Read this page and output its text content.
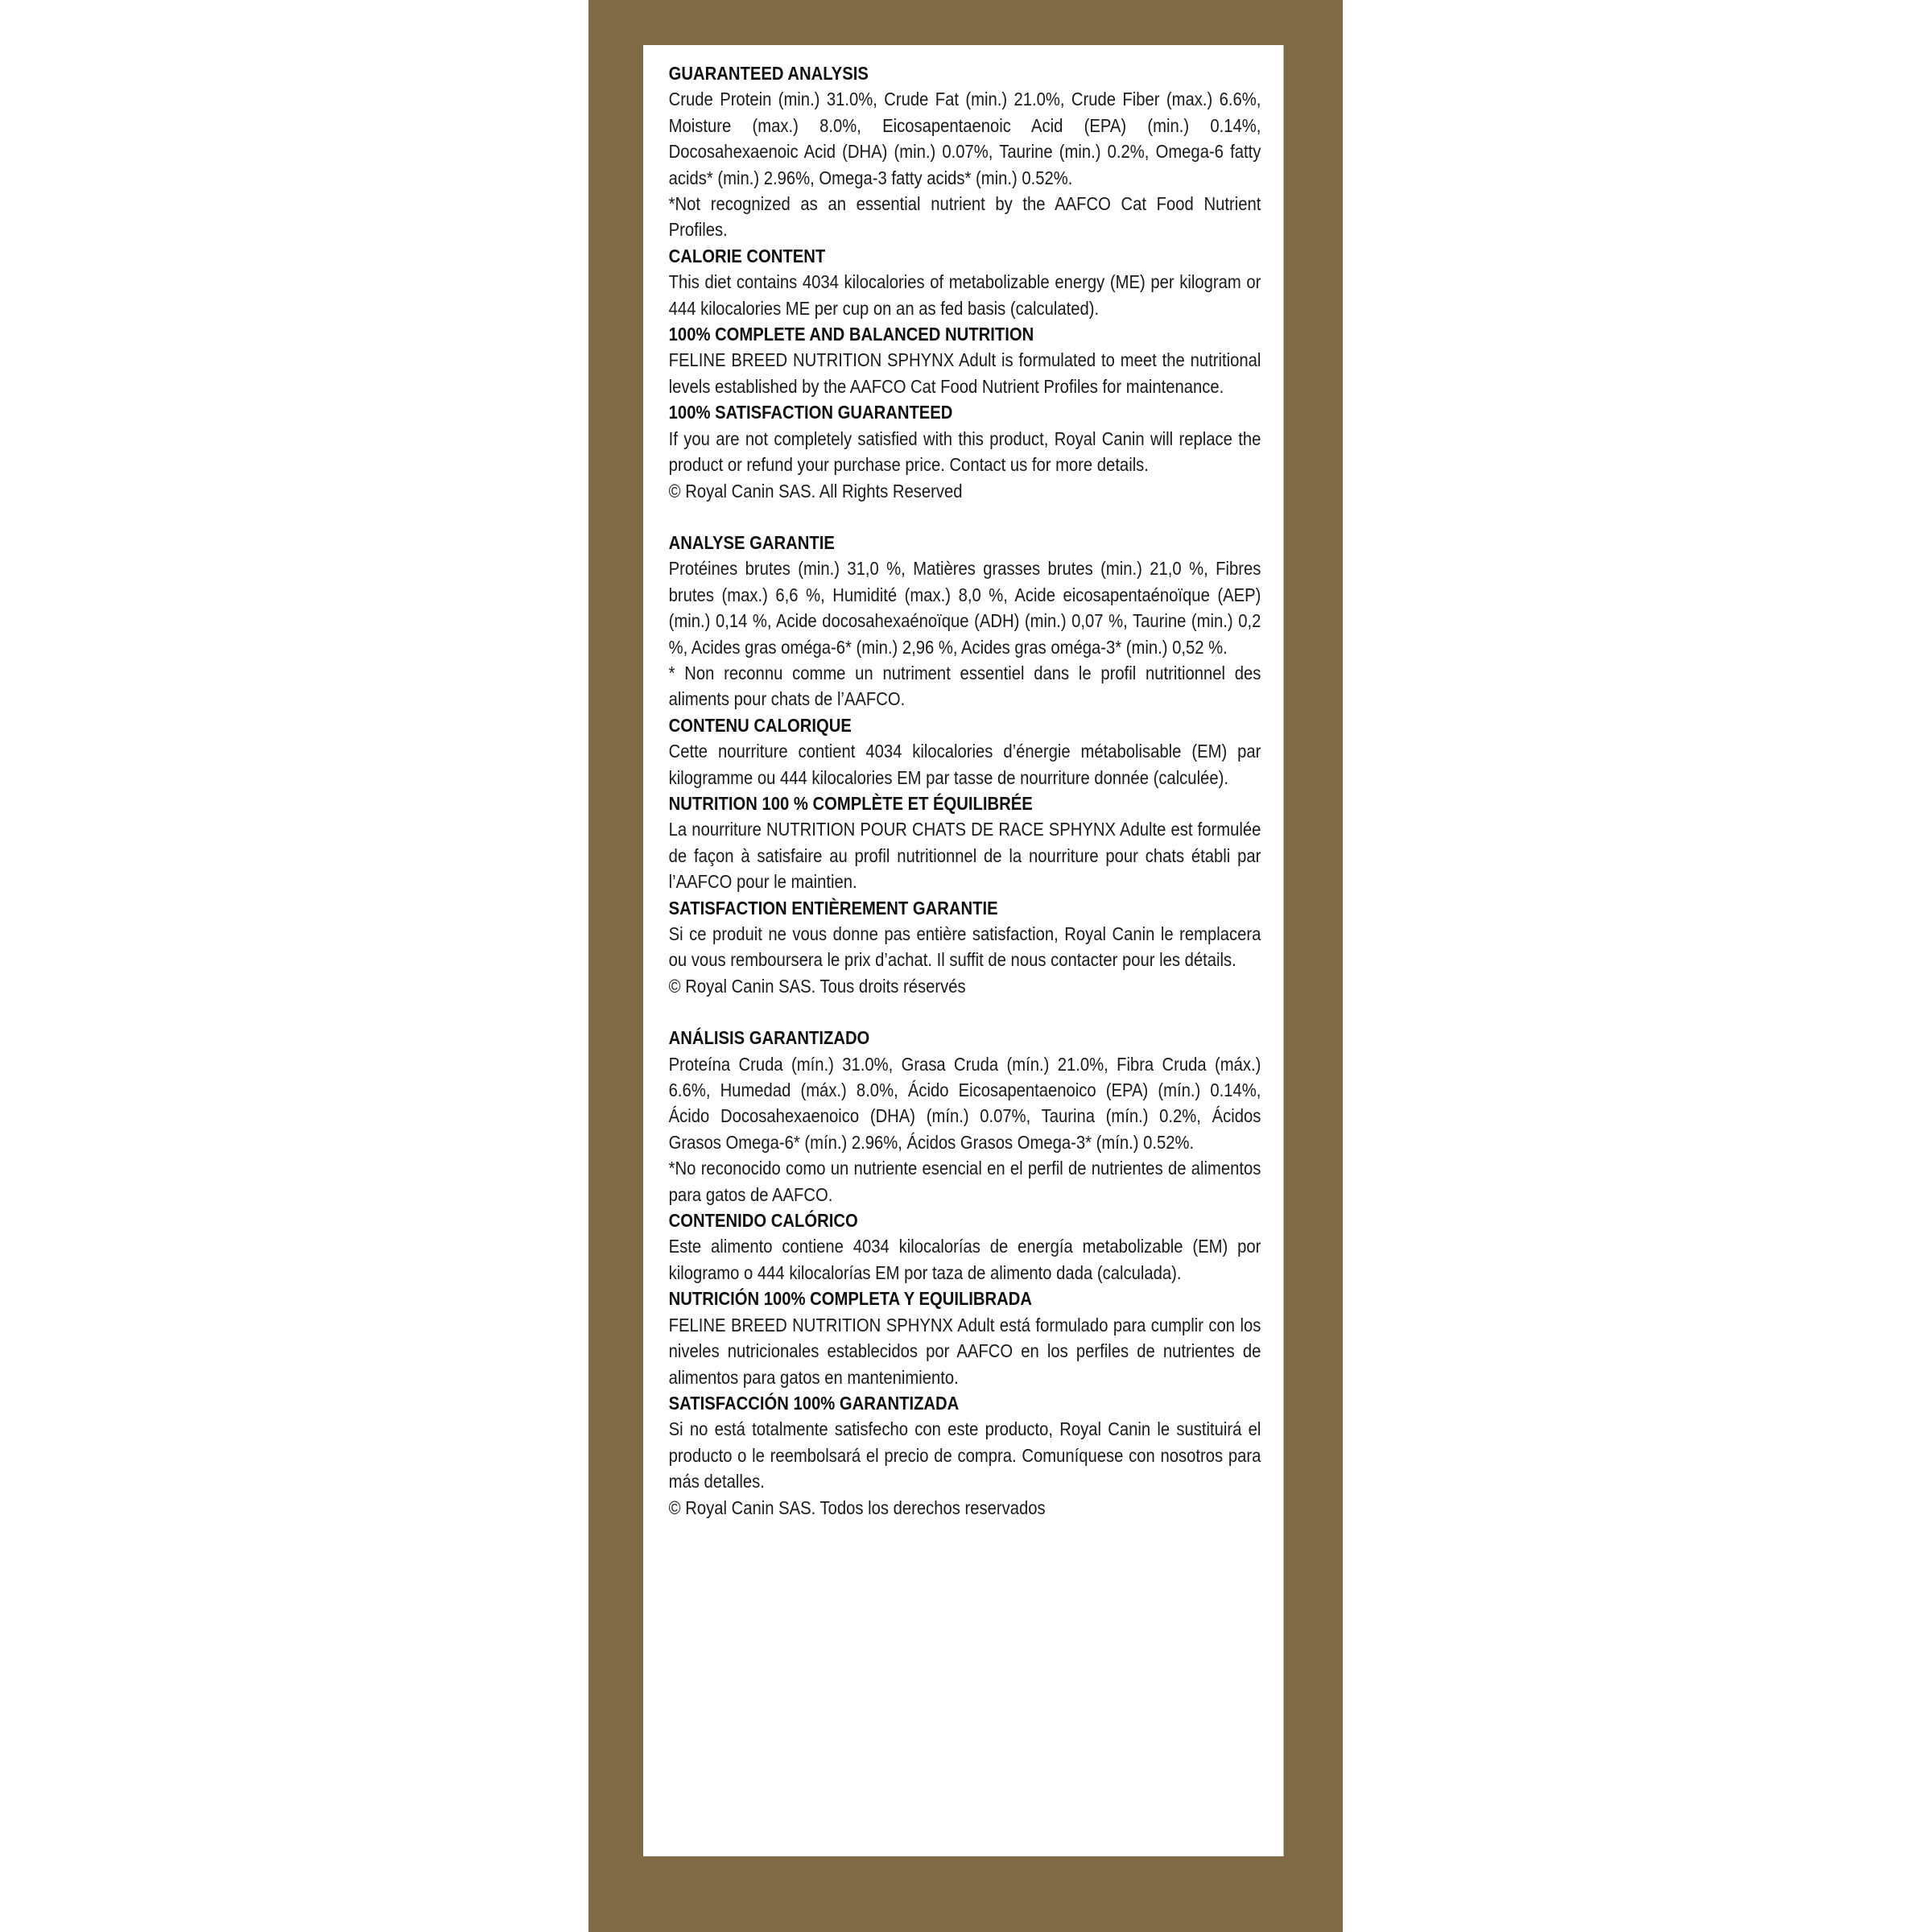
GUARANTEED ANALYSIS

Crude Protein (min.) 31.0%, Crude Fat (min.) 21.0%, Crude Fiber (max.) 6.6%, Moisture (max.) 8.0%, Eicosapentaenoic Acid (EPA) (min.) 0.14%, Docosahexaenoic Acid (DHA) (min.) 0.07%, Taurine (min.) 0.2%, Omega-6 fatty acids* (min.) 2.96%, Omega-3 fatty acids* (min.) 0.52%.

*Not recognized as an essential nutrient by the AAFCO Cat Food Nutrient Profiles.

CALORIE CONTENT

This diet contains 4034 kilocalories of metabolizable energy (ME) per kilogram or 444 kilocalories ME per cup on an as fed basis (calculated).

100% COMPLETE AND BALANCED NUTRITION

FELINE BREED NUTRITION SPHYNX Adult is formulated to meet the nutritional levels established by the AAFCO Cat Food Nutrient Profiles for maintenance.

100% SATISFACTION GUARANTEED

If you are not completely satisfied with this product, Royal Canin will replace the product or refund your purchase price. Contact us for more details.

© Royal Canin SAS. All Rights Reserved

ANALYSE GARANTIE

Protéines brutes (min.) 31,0 %, Matières grasses brutes (min.) 21,0 %, Fibres brutes (max.) 6,6 %, Humidité (max.) 8,0 %, Acide eicosapentaénoïque (AEP) (min.) 0,14 %, Acide docosahexaénoïque (ADH) (min.) 0,07 %, Taurine (min.) 0,2 %, Acides gras oméga-6* (min.) 2,96 %, Acides gras oméga-3* (min.) 0,52 %.

* Non reconnu comme un nutriment essentiel dans le profil nutritionnel des aliments pour chats de l’AAFCO.

CONTENU CALORIQUE

Cette nourriture contient 4034 kilocalories d’énergie métabolisable (EM) par kilogramme ou 444 kilocalories EM par tasse de nourriture donnée (calculée).

NUTRITION 100 % COMPLÈTE ET ÉQUILIBRÉE

La nourriture NUTRITION POUR CHATS DE RACE SPHYNX Adulte est formulée de façon à satisfaire au profil nutritionnel de la nourriture pour chats établi par l’AAFCO pour le maintien.

SATISFACTION ENTIÈREMENT GARANTIE

Si ce produit ne vous donne pas entière satisfaction, Royal Canin le remplacera ou vous remboursera le prix d’achat. Il suffit de nous contacter pour les détails.

© Royal Canin SAS. Tous droits réservés

ANÁLISIS GARANTIZADO

Proteína Cruda (mín.) 31.0%, Grasa Cruda (mín.) 21.0%, Fibra Cruda (máx.) 6.6%, Humedad (máx.) 8.0%, Ácido Eicosapentaenoico (EPA) (mín.) 0.14%, Ácido Docosahexaenoico (DHA) (mín.) 0.07%, Taurina (mín.) 0.2%, Ácidos Grasos Omega-6* (mín.) 2.96%, Ácidos Grasos Omega-3* (mín.) 0.52%.

*No reconocido como un nutriente esencial en el perfil de nutrientes de alimentos para gatos de AAFCO.

CONTENIDO CALÓRICO

Este alimento contiene 4034 kilocalorías de energía metabolizable (EM) por kilogramo o 444 kilocalorías EM por taza de alimento dada (calculada).

NUTRICIÓN 100% COMPLETA Y EQUILIBRADA

FELINE BREED NUTRITION SPHYNX Adult está formulado para cumplir con los niveles nutricionales establecidos por AAFCO en los perfiles de nutrientes de alimentos para gatos en mantenimiento.

SATISFACCIÓN 100% GARANTIZADA

Si no está totalmente satisfecho con este producto, Royal Canin le sustituirá el producto o le reembolsará el precio de compra. Comuníquese con nosotros para más detalles.

© Royal Canin SAS. Todos los derechos reservados
